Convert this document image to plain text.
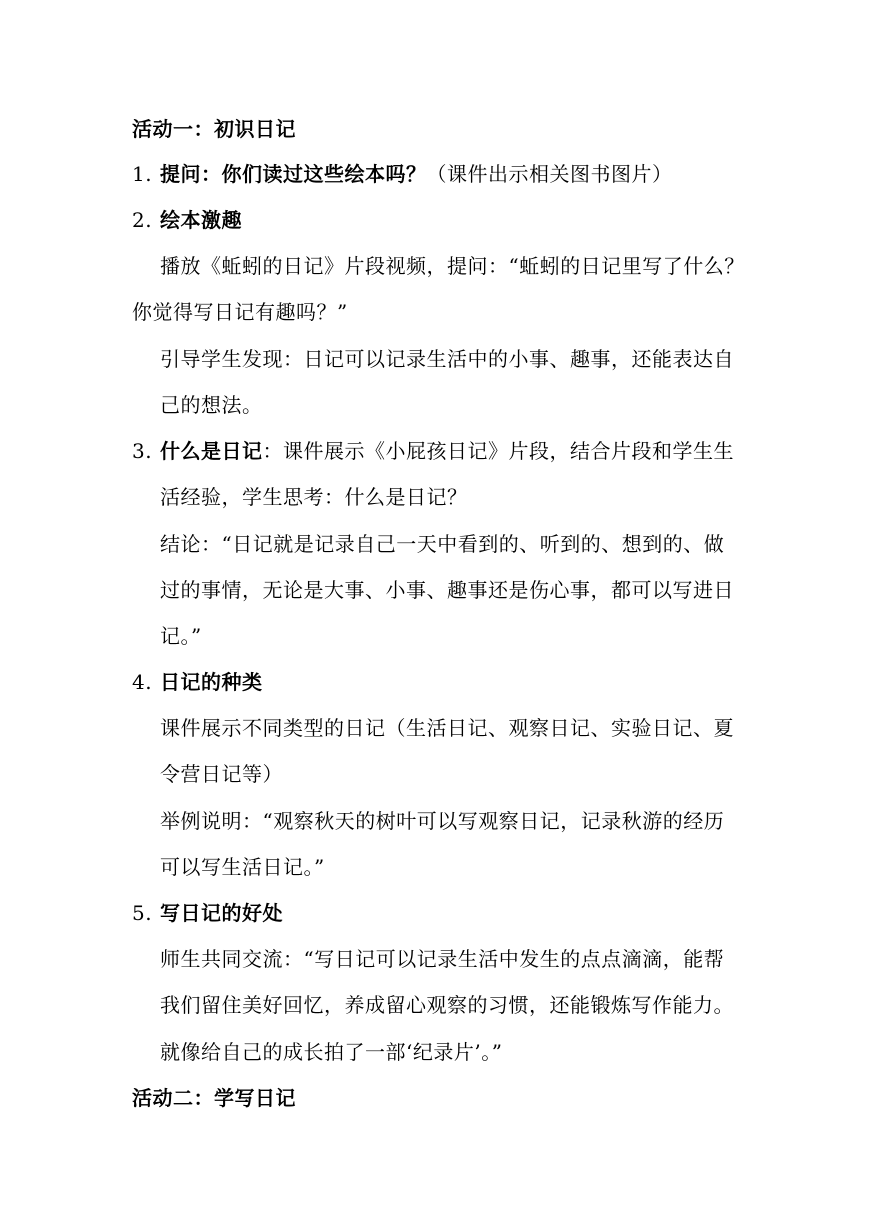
活动一：初识日记
1. 提问：你们读过这些绘本吗？（课件出示相关图书图片）
2. 绘本激趣
播放《蚯蚓的日记》片段视频，提问：“蚯蚓的日记里写了什么？
你觉得写日记有趣吗？”
引导学生发现：日记可以记录生活中的小事、趣事，还能表达自
己的想法。
3. 什么是日记：课件展示《小屁孩日记》片段，结合片段和学生生
活经验，学生思考：什么是日记？
结论：“日记就是记录自己一天中看到的、听到的、想到的、做
过的事情，无论是大事、小事、趣事还是伤心事，都可以写进日
记。”
4. 日记的种类
课件展示不同类型的日记（生活日记、观察日记、实验日记、夏
令营日记等）
举例说明：“观察秋天的树叶可以写观察日记，记录秋游的经历
可以写生活日记。”
5. 写日记的好处
师生共同交流：“写日记可以记录生活中发生的点点滴滴，能帮
我们留住美好回忆，养成留心观察的习惯，还能锻炼写作能力。
就像给自己的成长拍了一部‘纪录片’。”
活动二：学写日记
